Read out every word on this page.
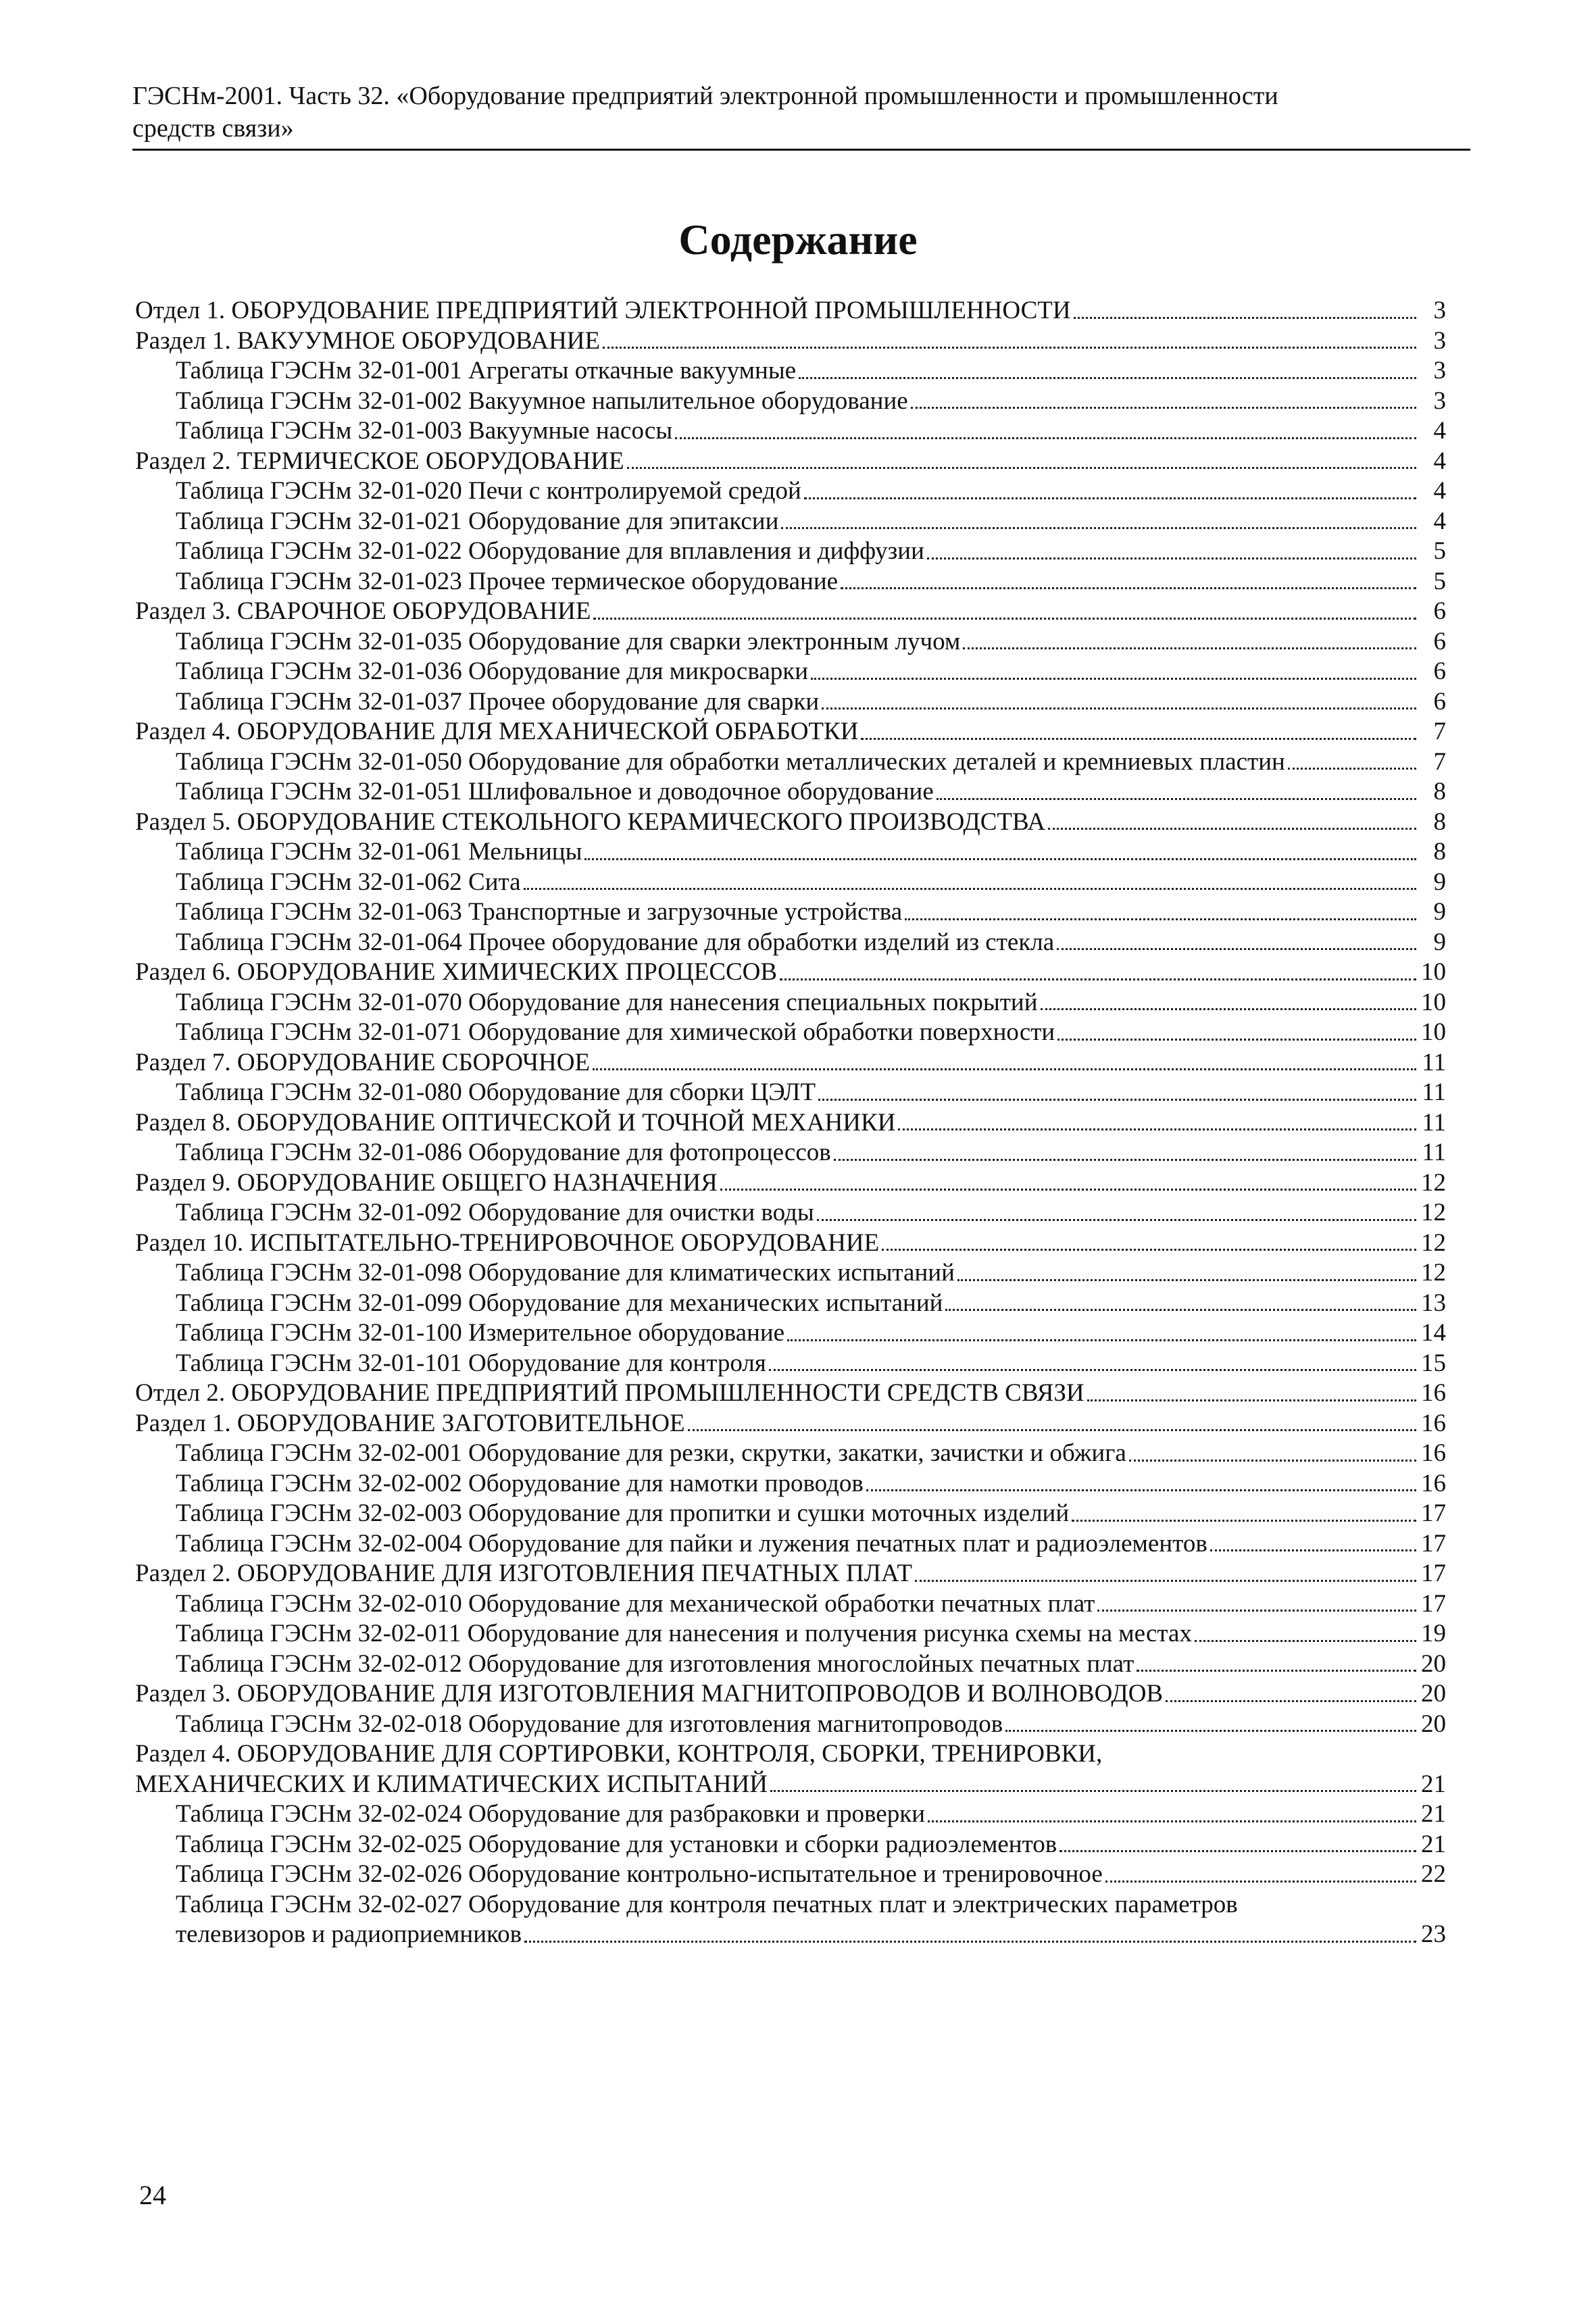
ГЭСНм-2001. Часть 32. «Оборудование предприятий электронной промышленности и промышленности
средств связи»
Содержание
Отдел 1. ОБОРУДОВАНИЕ ПРЕДПРИЯТИЙ ЭЛЕКТРОННОЙ ПРОМЫШЛЕННОСТИ	3
Раздел 1. ВАКУУМНОЕ ОБОРУДОВАНИЕ	3
Таблица ГЭСНм 32-01-001 Агрегаты откачные вакуумные	3
Таблица ГЭСНм 32-01-002 Вакуумное напылительное оборудование	3
Таблица ГЭСНм 32-01-003 Вакуумные насосы	4
Раздел 2. ТЕРМИЧЕСКОЕ ОБОРУДОВАНИЕ	4
Таблица ГЭСНм 32-01-020 Печи с контролируемой средой	4
Таблица ГЭСНм 32-01-021 Оборудование для эпитаксии	4
Таблица ГЭСНм 32-01-022 Оборудование для вплавления и диффузии	5
Таблица ГЭСНм 32-01-023 Прочее термическое оборудование	5
Раздел 3. СВАРОЧНОЕ ОБОРУДОВАНИЕ	6
Таблица ГЭСНм 32-01-035 Оборудование для сварки электронным лучом	6
Таблица ГЭСНм 32-01-036 Оборудование для микросварки	6
Таблица ГЭСНм 32-01-037 Прочее оборудование для сварки	6
Раздел 4. ОБОРУДОВАНИЕ ДЛЯ МЕХАНИЧЕСКОЙ ОБРАБОТКИ	7
Таблица ГЭСНм 32-01-050 Оборудование для обработки металлических деталей и кремниевых пластин	7
Таблица ГЭСНм 32-01-051 Шлифовальное и доводочное оборудование	8
Раздел 5. ОБОРУДОВАНИЕ СТЕКОЛЬНОГО КЕРАМИЧЕСКОГО ПРОИЗВОДСТВА	8
Таблица ГЭСНм 32-01-061 Мельницы	8
Таблица ГЭСНм 32-01-062 Сита	9
Таблица ГЭСНм 32-01-063 Транспортные и загрузочные устройства	9
Таблица ГЭСНм 32-01-064 Прочее оборудование для обработки изделий из стекла	9
Раздел 6. ОБОРУДОВАНИЕ ХИМИЧЕСКИХ ПРОЦЕССОВ	10
Таблица ГЭСНм 32-01-070 Оборудование для нанесения специальных покрытий	10
Таблица ГЭСНм 32-01-071 Оборудование для химической обработки поверхности	10
Раздел 7. ОБОРУДОВАНИЕ СБОРОЧНОЕ	11
Таблица ГЭСНм 32-01-080 Оборудование для сборки ЦЭЛТ	11
Раздел 8. ОБОРУДОВАНИЕ ОПТИЧЕСКОЙ И ТОЧНОЙ МЕХАНИКИ	11
Таблица ГЭСНм 32-01-086 Оборудование для фотопроцессов	11
Раздел 9. ОБОРУДОВАНИЕ ОБЩЕГО НАЗНАЧЕНИЯ	12
Таблица ГЭСНм 32-01-092 Оборудование для очистки воды	12
Раздел 10. ИСПЫТАТЕЛЬНО-ТРЕНИРОВОЧНОЕ ОБОРУДОВАНИЕ	12
Таблица ГЭСНм 32-01-098 Оборудование для климатических испытаний	12
Таблица ГЭСНм 32-01-099 Оборудование для механических испытаний	13
Таблица ГЭСНм 32-01-100 Измерительное оборудование	14
Таблица ГЭСНм 32-01-101 Оборудование для контроля	15
Отдел 2. ОБОРУДОВАНИЕ ПРЕДПРИЯТИЙ ПРОМЫШЛЕННОСТИ СРЕДСТВ СВЯЗИ	16
Раздел 1. ОБОРУДОВАНИЕ ЗАГОТОВИТЕЛЬНОЕ	16
Таблица ГЭСНм 32-02-001 Оборудование для резки, скрутки, закатки, зачистки и обжига	16
Таблица ГЭСНм 32-02-002 Оборудование для намотки проводов	16
Таблица ГЭСНм 32-02-003 Оборудование для пропитки и сушки моточных изделий	17
Таблица ГЭСНм 32-02-004 Оборудование для пайки и лужения печатных плат и радиоэлементов	17
Раздел 2. ОБОРУДОВАНИЕ ДЛЯ ИЗГОТОВЛЕНИЯ ПЕЧАТНЫХ ПЛАТ	17
Таблица ГЭСНм 32-02-010 Оборудование для механической обработки печатных плат	17
Таблица ГЭСНм 32-02-011 Оборудование для нанесения и получения рисунка схемы на местах	19
Таблица ГЭСНм 32-02-012 Оборудование для изготовления многослойных печатных плат	20
Раздел 3. ОБОРУДОВАНИЕ ДЛЯ ИЗГОТОВЛЕНИЯ МАГНИТОПРОВОДОВ И ВОЛНОВОДОВ	20
Таблица ГЭСНм 32-02-018 Оборудование для изготовления магнитопроводов	20
Раздел 4. ОБОРУДОВАНИЕ ДЛЯ СОРТИРОВКИ, КОНТРОЛЯ, СБОРКИ, ТРЕНИРОВКИ,
МЕХАНИЧЕСКИХ И КЛИМАТИЧЕСКИХ ИСПЫТАНИЙ	21
Таблица ГЭСНм 32-02-024 Оборудование для разбраковки и проверки	21
Таблица ГЭСНм 32-02-025 Оборудование для установки и сборки радиоэлементов	21
Таблица ГЭСНм 32-02-026 Оборудование контрольно-испытательное и тренировочное	22
Таблица ГЭСНм 32-02-027 Оборудование для контроля печатных плат и электрических параметров
телевизоров и радиоприемников	23
24
